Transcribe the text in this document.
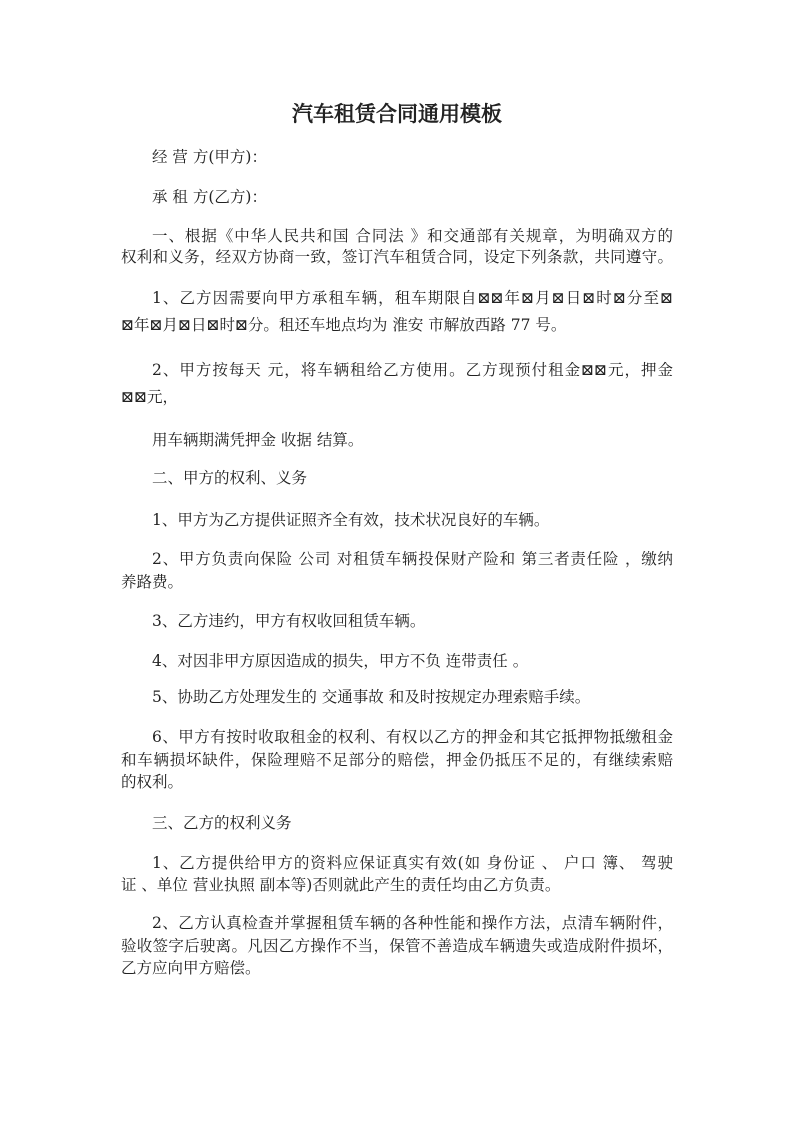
汽车租赁合同通用模板
经 营 方(甲方)：
承 租 方(乙方)：
一、根据《中华人民共和国 合同法 》和交通部有关规章，为明确双方的
权利和义务，经双方协商一致，签订汽车租赁合同，设定下列条款，共同遵守。
1、乙方因需要向甲方承租车辆，租车期限自⊠⊠年⊠月⊠日⊠时⊠分至⊠
⊠年⊠月⊠日⊠时⊠分。租还车地点均为 淮安 市解放西路 77 号。
2、甲方按每天 元，将车辆租给乙方使用。乙方现预付租金⊠⊠元，押金
⊠⊠元，
用车辆期满凭押金 收据 结算。
二、甲方的权利、义务
1、甲方为乙方提供证照齐全有效，技术状况良好的车辆。
2、甲方负责向保险 公司 对租赁车辆投保财产险和 第三者责任险 ，缴纳
养路费。
3、乙方违约，甲方有权收回租赁车辆。
4、对因非甲方原因造成的损失，甲方不负 连带责任 。
5、协助乙方处理发生的 交通事故 和及时按规定办理索赔手续。
6、甲方有按时收取租金的权利、有权以乙方的押金和其它抵押物抵缴租金
和车辆损坏缺件，保险理赔不足部分的赔偿，押金仍抵压不足的，有继续索赔
的权利。
三、乙方的权利义务
1、乙方提供给甲方的资料应保证真实有效(如 身份证 、 户口 簿、 驾驶
证 、单位 营业执照 副本等)否则就此产生的责任均由乙方负责。
2、乙方认真检查并掌握租赁车辆的各种性能和操作方法，点清车辆附件，
验收签字后驶离。凡因乙方操作不当，保管不善造成车辆遗失或造成附件损坏，
乙方应向甲方赔偿。
